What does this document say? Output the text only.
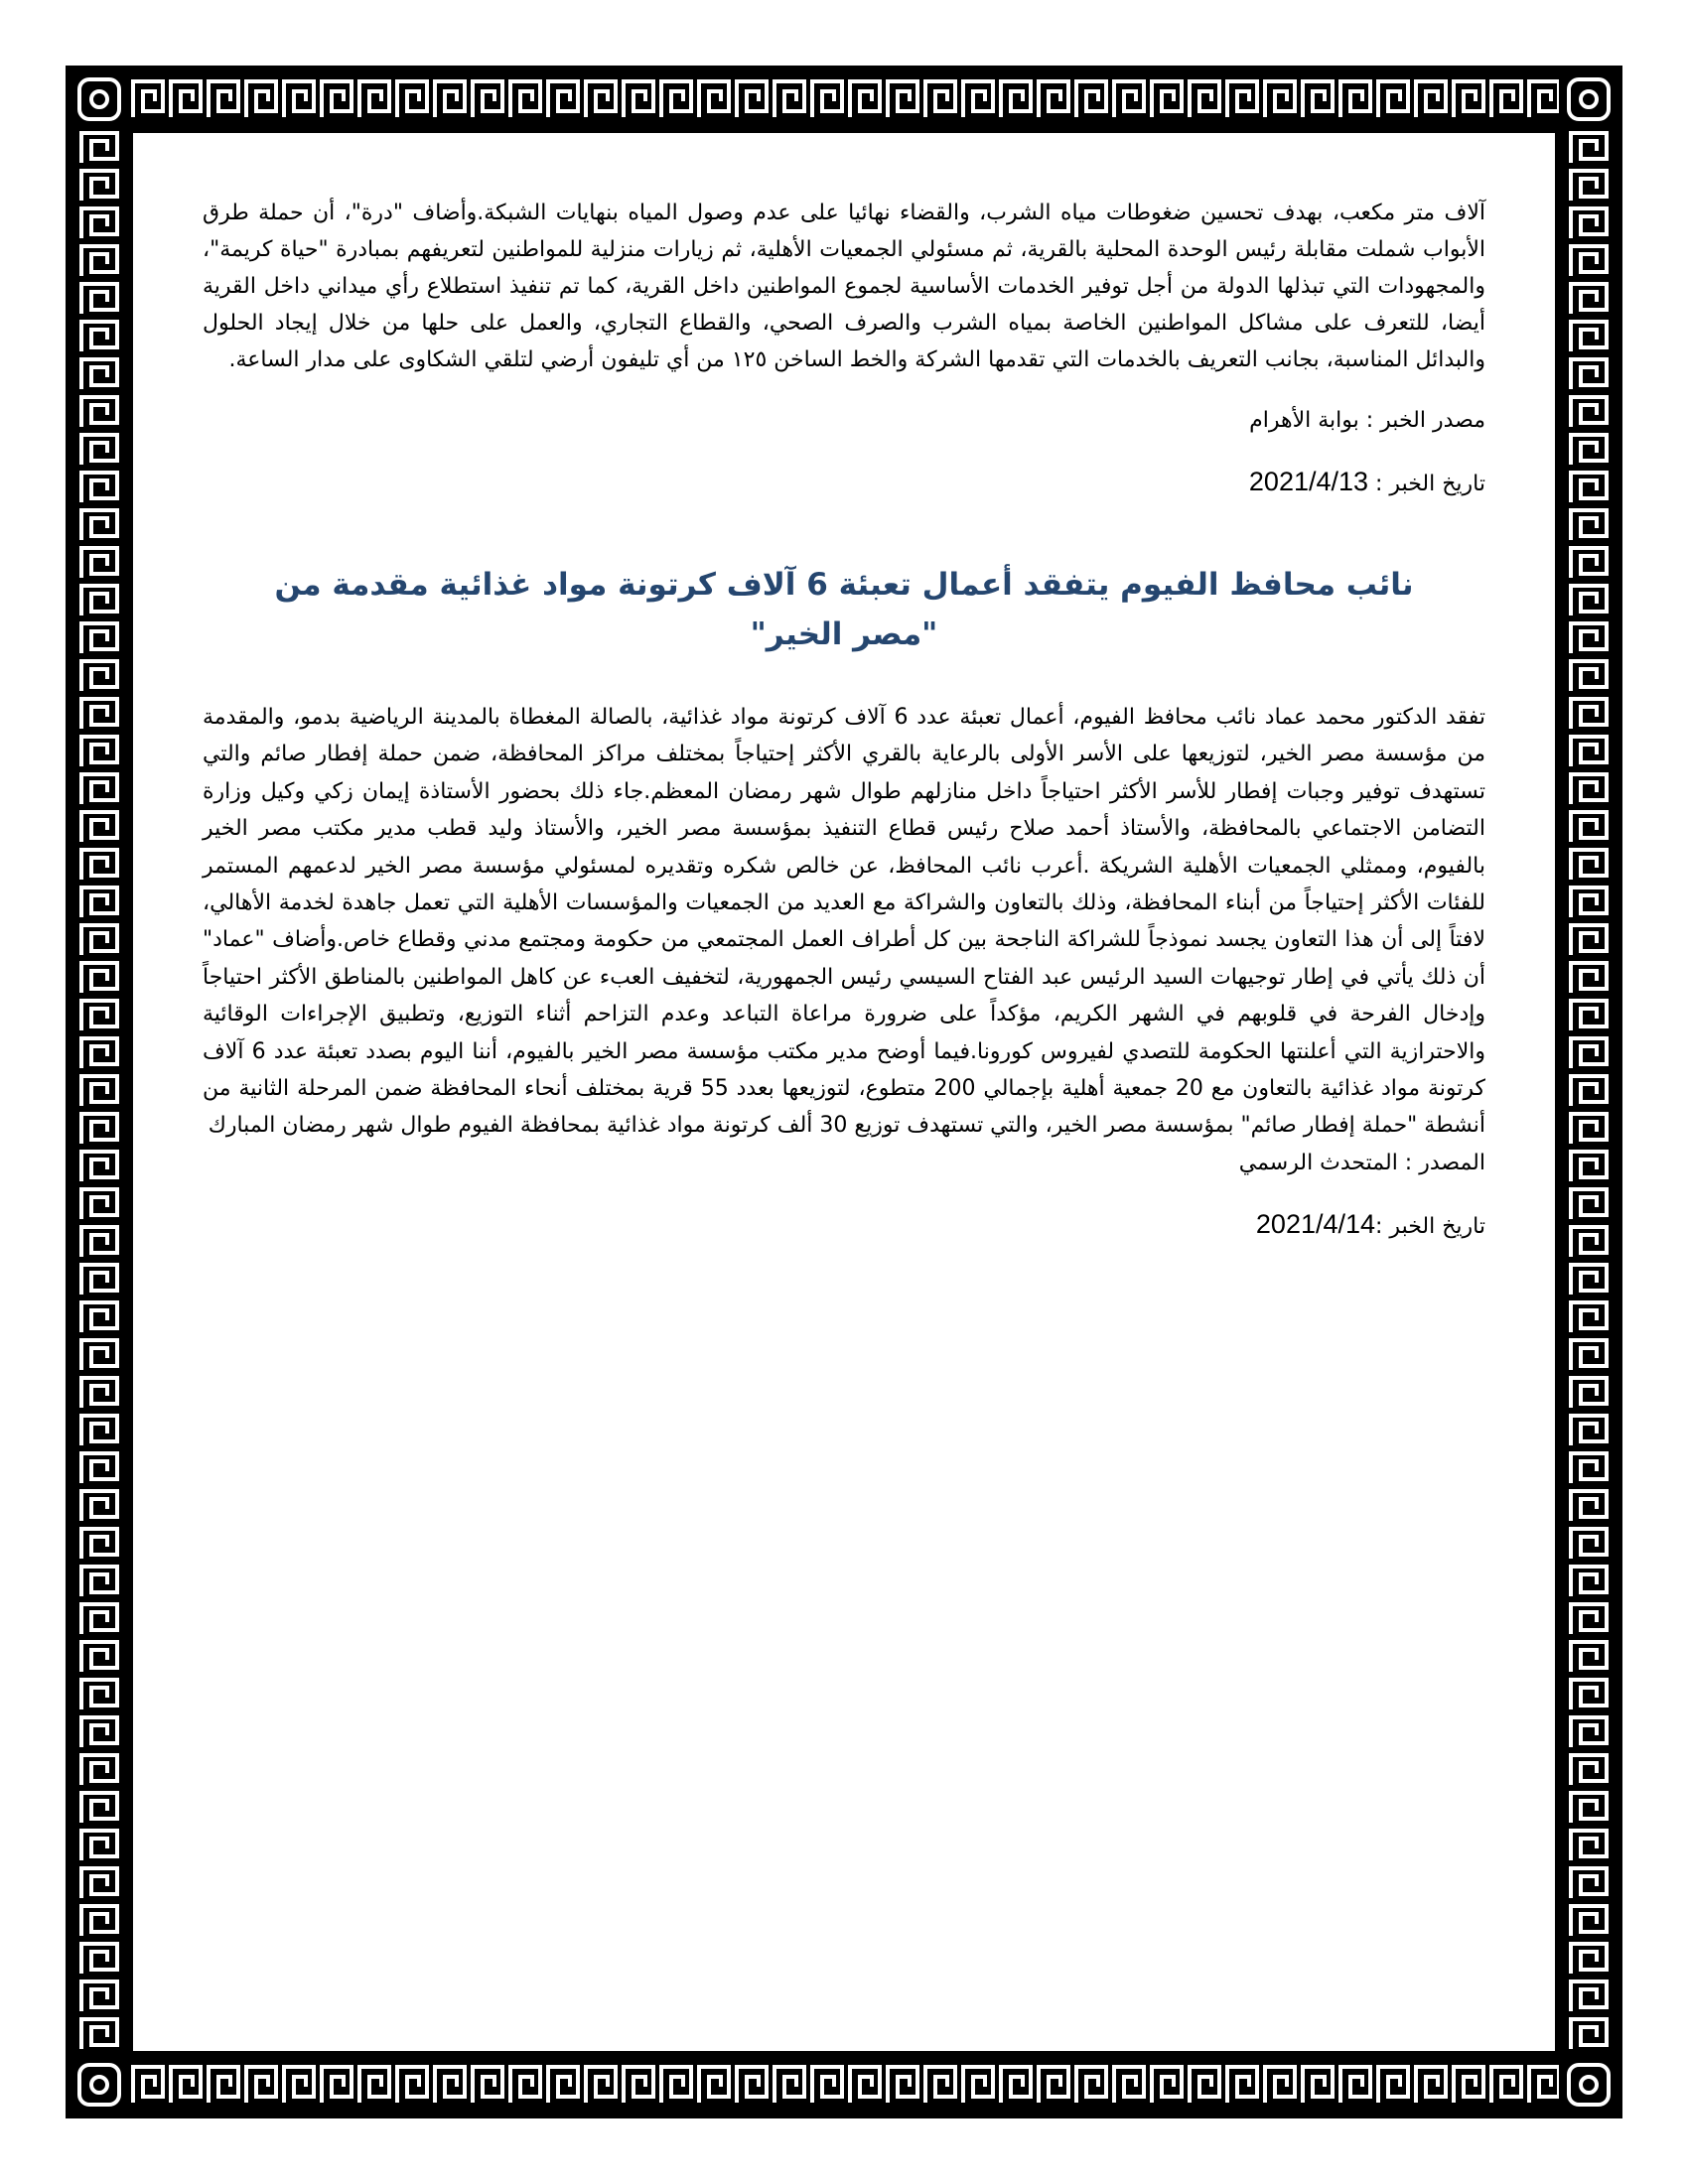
آلاف متر مكعب، بهدف تحسين ضغوطات مياه الشرب، والقضاء نهائيا على عدم وصول المياه بنهايات الشبكة.وأضاف "درة"، أن حملة طرق الأبواب شملت مقابلة رئيس الوحدة المحلية بالقرية، ثم مسئولي الجمعيات الأهلية، ثم زيارات منزلية للمواطنين لتعريفهم بمبادرة "حياة كريمة"، والمجهودات التي تبذلها الدولة من أجل توفير الخدمات الأساسية لجموع المواطنين داخل القرية، كما تم تنفيذ استطلاع رأي ميداني داخل القرية أيضا، للتعرف على مشاكل المواطنين الخاصة بمياه الشرب والصرف الصحي، والقطاع التجاري، والعمل على حلها من خلال إيجاد الحلول والبدائل المناسبة، بجانب التعريف بالخدمات التي تقدمها الشركة والخط الساخن ١٢٥ من أي تليفون أرضي لتلقي الشكاوى على مدار الساعة.

مصدر الخبر : بوابة الأهرام

تاريخ الخبر : 2021/4/13

نائب محافظ الفيوم يتفقد أعمال تعبئة 6 آلاف كرتونة مواد غذائية مقدمة من "مصر الخير"

تفقد الدكتور محمد عماد نائب محافظ الفيوم، أعمال تعبئة عدد 6 آلاف كرتونة مواد غذائية، بالصالة المغطاة بالمدينة الرياضية بدمو، والمقدمة من مؤسسة مصر الخير، لتوزيعها على الأسر الأولى بالرعاية بالقري الأكثر إحتياجاً بمختلف مراكز المحافظة، ضمن حملة إفطار صائم والتي تستهدف توفير وجبات إفطار للأسر الأكثر احتياجاً داخل منازلهم طوال شهر رمضان المعظم.جاء ذلك بحضور الأستاذة إيمان زكي وكيل وزارة التضامن الاجتماعي بالمحافظة، والأستاذ أحمد صلاح رئيس قطاع التنفيذ بمؤسسة مصر الخير، والأستاذ وليد قطب مدير مكتب مصر الخير بالفيوم، وممثلي الجمعيات الأهلية الشريكة .أعرب نائب المحافظ، عن خالص شكره وتقديره لمسئولي مؤسسة مصر الخير لدعمهم المستمر للفئات الأكثر إحتياجاً من أبناء المحافظة، وذلك بالتعاون والشراكة مع العديد من الجمعيات والمؤسسات الأهلية التي تعمل جاهدة لخدمة الأهالي، لافتاً إلى أن هذا التعاون يجسد نموذجاً للشراكة الناجحة بين كل أطراف العمل المجتمعي من حكومة ومجتمع مدني وقطاع خاص.وأضاف "عماد" أن ذلك يأتي في إطار توجيهات السيد الرئيس عبد الفتاح السيسي رئيس الجمهورية، لتخفيف العبء عن كاهل المواطنين بالمناطق الأكثر احتياجاً وإدخال الفرحة في قلوبهم في الشهر الكريم، مؤكداً على ضرورة مراعاة التباعد وعدم التزاحم أثناء التوزيع، وتطبيق الإجراءات الوقائية والاحترازية التي أعلنتها الحكومة للتصدي لفيروس كورونا.فيما أوضح مدير مكتب مؤسسة مصر الخير بالفيوم، أننا اليوم بصدد تعبئة عدد 6 آلاف كرتونة مواد غذائية بالتعاون مع 20 جمعية أهلية بإجمالي 200 متطوع، لتوزيعها بعدد 55 قرية بمختلف أنحاء المحافظة ضمن المرحلة الثانية من أنشطة "حملة إفطار صائم" بمؤسسة مصر الخير، والتي تستهدف توزيع 30 ألف كرتونة مواد غذائية بمحافظة الفيوم طوال شهر رمضان المبارك

المصدر : المتحدث الرسمي

تاريخ الخبر :2021/4/14
